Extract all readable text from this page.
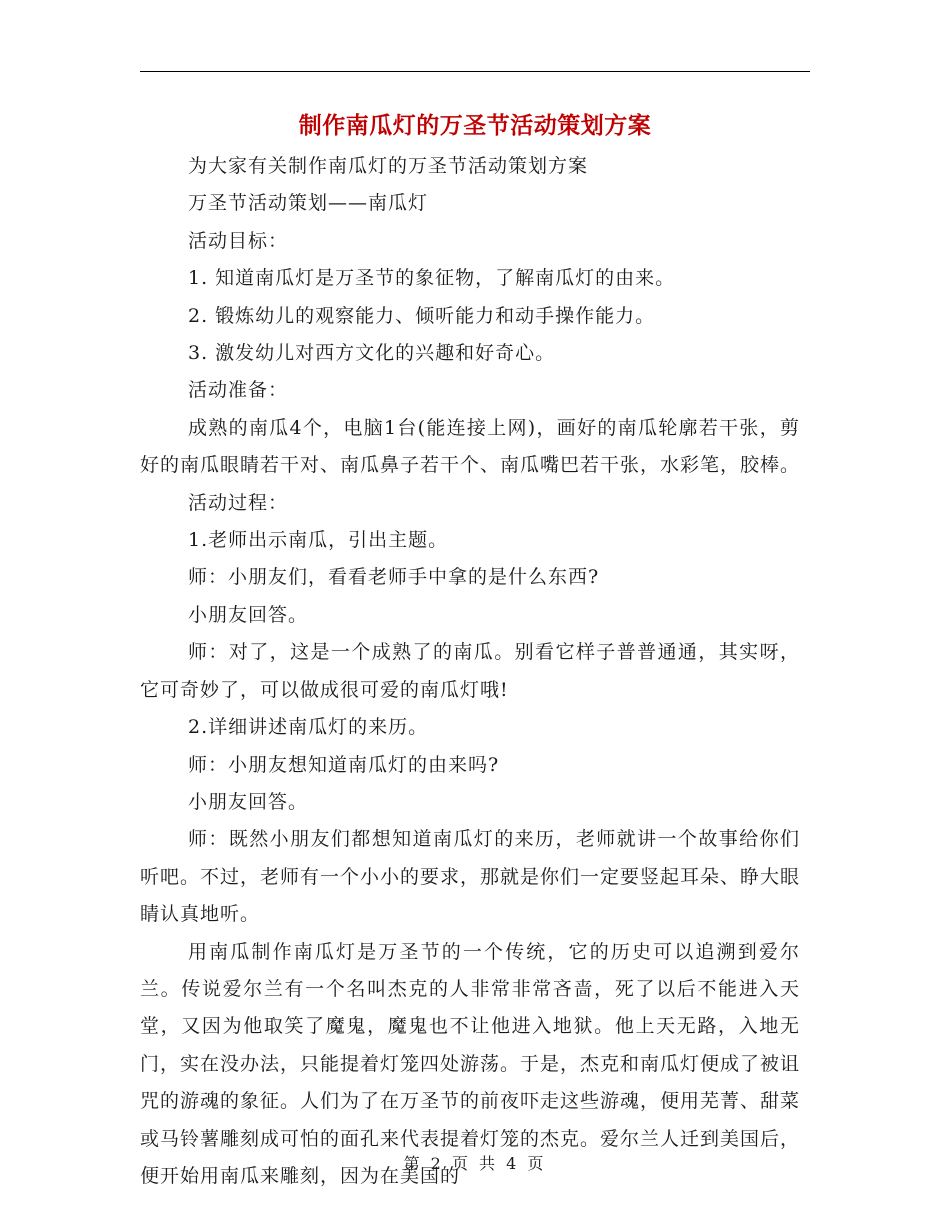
制作南瓜灯的万圣节活动策划方案

为大家有关制作南瓜灯的万圣节活动策划方案

万圣节活动策划——南瓜灯

活动目标：

1. 知道南瓜灯是万圣节的象征物，了解南瓜灯的由来。

2. 锻炼幼儿的观察能力、倾听能力和动手操作能力。

3. 激发幼儿对西方文化的兴趣和好奇心。

活动准备：

成熟的南瓜4个，电脑1台(能连接上网)，画好的南瓜轮廓若干张，剪好的南瓜眼睛若干对、南瓜鼻子若干个、南瓜嘴巴若干张，水彩笔，胶棒。

活动过程：

1.老师出示南瓜，引出主题。

师：小朋友们，看看老师手中拿的是什么东西?

小朋友回答。

师：对了，这是一个成熟了的南瓜。别看它样子普普通通，其实呀，它可奇妙了，可以做成很可爱的南瓜灯哦!

2.详细讲述南瓜灯的来历。

师：小朋友想知道南瓜灯的由来吗?

小朋友回答。

师：既然小朋友们都想知道南瓜灯的来历，老师就讲一个故事给你们听吧。不过，老师有一个小小的要求，那就是你们一定要竖起耳朵、睁大眼睛认真地听。

用南瓜制作南瓜灯是万圣节的一个传统，它的历史可以追溯到爱尔兰。传说爱尔兰有一个名叫杰克的人非常非常吝啬，死了以后不能进入天堂，又因为他取笑了魔鬼，魔鬼也不让他进入地狱。他上天无路，入地无门，实在没办法，只能提着灯笼四处游荡。于是，杰克和南瓜灯便成了被诅咒的游魂的象征。人们为了在万圣节的前夜吓走这些游魂，便用芜菁、甜菜或马铃薯雕刻成可怕的面孔来代表提着灯笼的杰克。爱尔兰人迁到美国后，便开始用南瓜来雕刻，因为在美国的

第 2 页 共 4 页
